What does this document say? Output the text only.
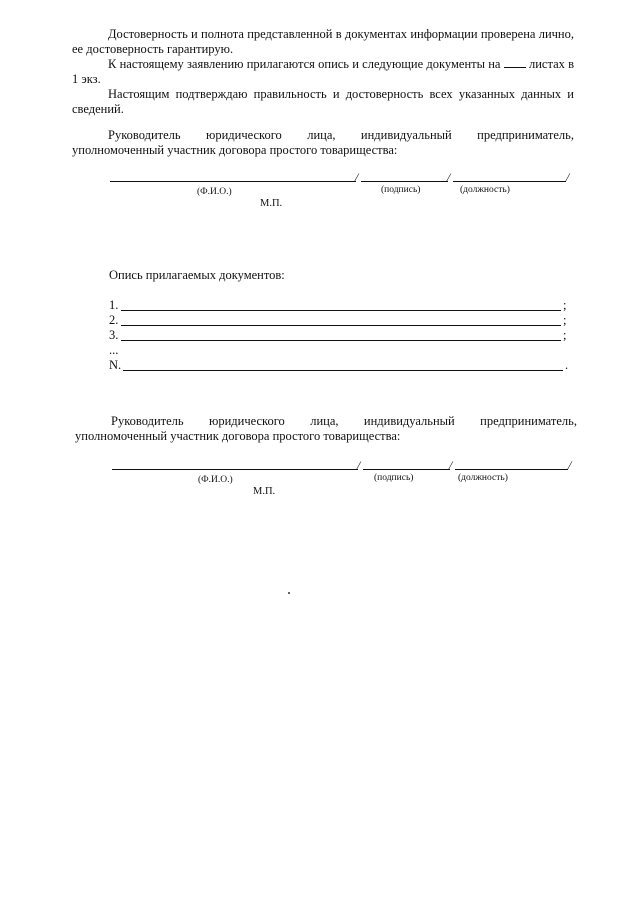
Достоверность и полнота представленной в документах информации проверена лично,
ее достоверность гарантирую.
К настоящему заявлению прилагаются опись и следующие документы на листах в
1 экз.
Настоящим подтверждаю правильность и достоверность всех указанных данных и
сведений.
Руководитель юридического лица, индивидуальный предприниматель,
уполномоченный участник договора простого товарищества:
/	/	/
(Ф.И.О.)	(подпись)	(должность)
М.П.
Опись прилагаемых документов:
1.	;
2.	;
3.	;
...
N.	.
Руководитель юридического лица, индивидуальный предприниматель,
уполномоченный участник договора простого товарищества:
/	/	/
(Ф.И.О.)	(подпись)	(должность)
М.П.
